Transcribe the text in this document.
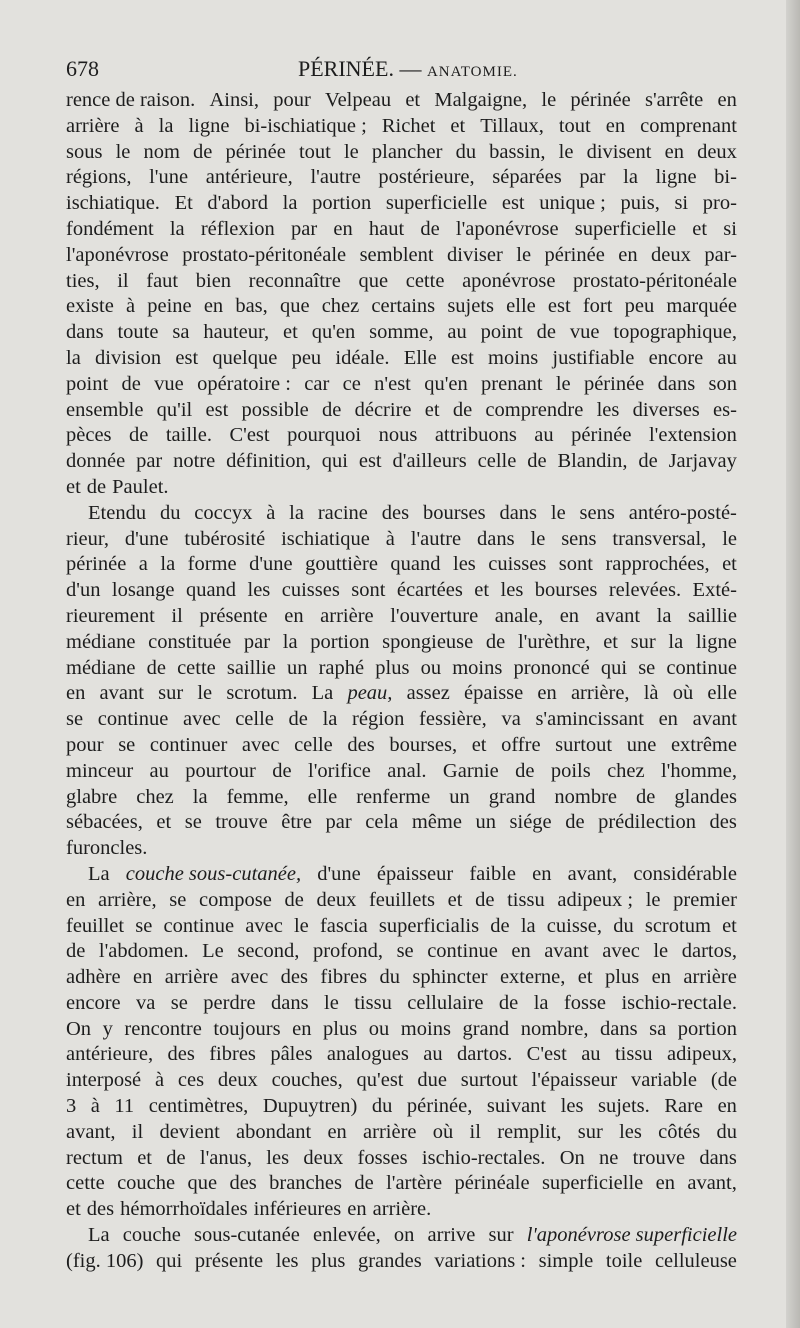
678	PÉRINÉE. — ANATOMIE.
rence de raison. Ainsi, pour Velpeau et Malgaigne, le périnée s'arrête en
arrière à la ligne bi-ischiatique ; Richet et Tillaux, tout en comprenant
sous le nom de périnée tout le plancher du bassin, le divisent en deux
régions, l'une antérieure, l'autre postérieure, séparées par la ligne bi-
ischiatique. Et d'abord la portion superficielle est unique ; puis, si pro-
fondément la réflexion par en haut de l'aponévrose superficielle et si
l'aponévrose prostato-péritonéale semblent diviser le périnée en deux par-
ties, il faut bien reconnaître que cette aponévrose prostato-péritonéale
existe à peine en bas, que chez certains sujets elle est fort peu marquée
dans toute sa hauteur, et qu'en somme, au point de vue topographique,
la division est quelque peu idéale. Elle est moins justifiable encore au
point de vue opératoire : car ce n'est qu'en prenant le périnée dans son
ensemble qu'il est possible de décrire et de comprendre les diverses es-
pèces de taille. C'est pourquoi nous attribuons au périnée l'extension
donnée par notre définition, qui est d'ailleurs celle de Blandin, de Jarjavay
et de Paulet.
Etendu du coccyx à la racine des bourses dans le sens antéro-posté-
rieur, d'une tubérosité ischiatique à l'autre dans le sens transversal, le
périnée a la forme d'une gouttière quand les cuisses sont rapprochées, et
d'un losange quand les cuisses sont écartées et les bourses relevées. Exté-
rieurement il présente en arrière l'ouverture anale, en avant la saillie
médiane constituée par la portion spongieuse de l'urèthre, et sur la ligne
médiane de cette saillie un raphé plus ou moins prononcé qui se continue
en avant sur le scrotum. La peau, assez épaisse en arrière, là où elle
se continue avec celle de la région fessière, va s'amincissant en avant
pour se continuer avec celle des bourses, et offre surtout une extrême
minceur au pourtour de l'orifice anal. Garnie de poils chez l'homme,
glabre chez la femme, elle renferme un grand nombre de glandes
sébacées, et se trouve être par cela même un siége de prédilection des
furoncles.
La couche sous-cutanée, d'une épaisseur faible en avant, considérable
en arrière, se compose de deux feuillets et de tissu adipeux ; le premier
feuillet se continue avec le fascia superficialis de la cuisse, du scrotum et
de l'abdomen. Le second, profond, se continue en avant avec le dartos,
adhère en arrière avec des fibres du sphincter externe, et plus en arrière
encore va se perdre dans le tissu cellulaire de la fosse ischio-rectale.
On y rencontre toujours en plus ou moins grand nombre, dans sa portion
antérieure, des fibres pâles analogues au dartos. C'est au tissu adipeux,
interposé à ces deux couches, qu'est due surtout l'épaisseur variable (de
3 à 11 centimètres, Dupuytren) du périnée, suivant les sujets. Rare en
avant, il devient abondant en arrière où il remplit, sur les côtés du
rectum et de l'anus, les deux fosses ischio-rectales. On ne trouve dans
cette couche que des branches de l'artère périnéale superficielle en avant,
et des hémorrhoïdales inférieures en arrière.
La couche sous-cutanée enlevée, on arrive sur l'aponévrose superficielle
(fig. 106) qui présente les plus grandes variations : simple toile celluleuse
